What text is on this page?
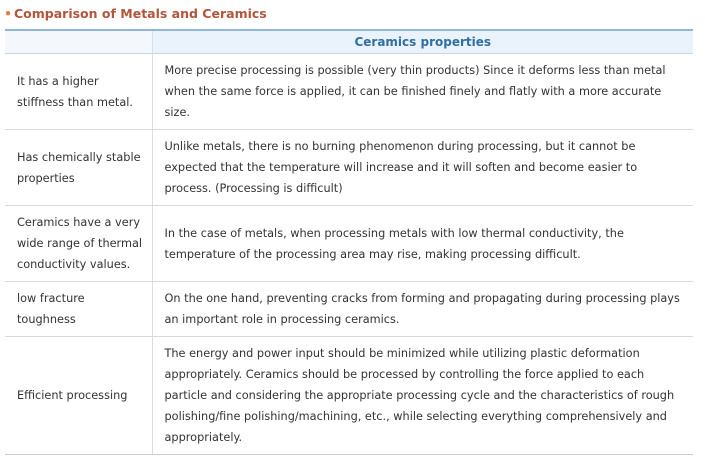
• Comparison of Metals and Ceramics
	Ceramics properties
It has a higher stiffness than metal.	More precise processing is possible (very thin products) Since it deforms less than metal when the same force is applied, it can be finished finely and flatly with a more accurate size.
Has chemically stable properties	Unlike metals, there is no burning phenomenon during processing, but it cannot be expected that the temperature will increase and it will soften and become easier to process. (Processing is difficult)
Ceramics have a very wide range of thermal conductivity values.	In the case of metals, when processing metals with low thermal conductivity, the temperature of the processing area may rise, making processing difficult.
low fracture toughness	On the one hand, preventing cracks from forming and propagating during processing plays an important role in processing ceramics.
Efficient processing	The energy and power input should be minimized while utilizing plastic deformation appropriately. Ceramics should be processed by controlling the force applied to each particle and considering the appropriate processing cycle and the characteristics of rough polishing/fine polishing/machining, etc., while selecting everything comprehensively and appropriately.
